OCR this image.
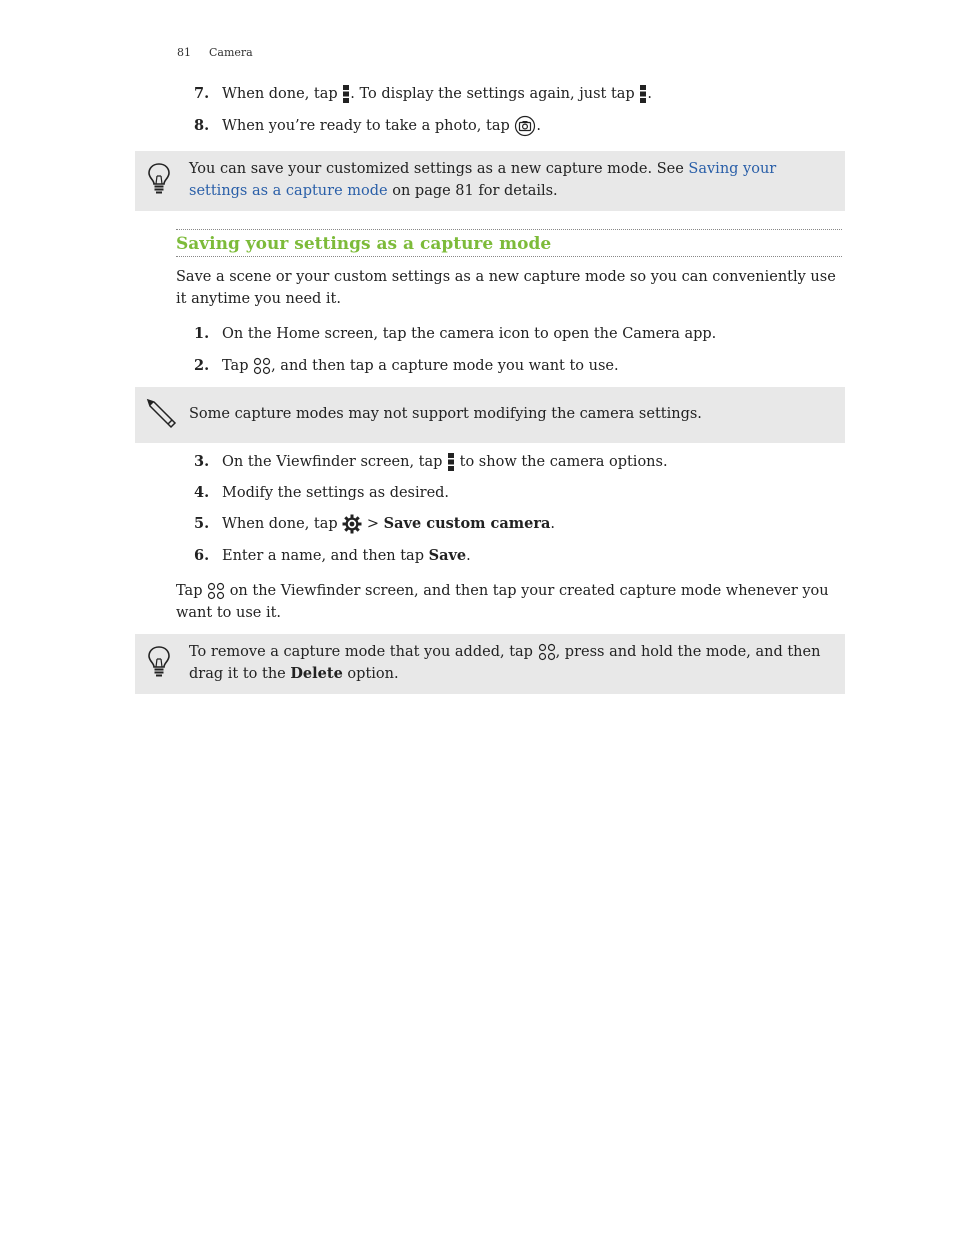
81 Camera
7. When done, tap . To display the settings again, just tap .
8. When you’re ready to take a photo, tap .
You can save your customized settings as a new capture mode. See Saving your settings as a capture mode on page 81 for details.
Saving your settings as a capture mode
Save a scene or your custom settings as a new capture mode so you can conveniently use it anytime you need it.
1. On the Home screen, tap the camera icon to open the Camera app.
2. Tap , and then tap a capture mode you want to use.
Some capture modes may not support modifying the camera settings.
3. On the Viewfinder screen, tap to show the camera options.
4. Modify the settings as desired.
5. When done, tap  > Save custom camera.
6. Enter a name, and then tap Save.
Tap on the Viewfinder screen, and then tap your created capture mode whenever you want to use it.
To remove a capture mode that you added, tap , press and hold the mode, and then drag it to the Delete option.
